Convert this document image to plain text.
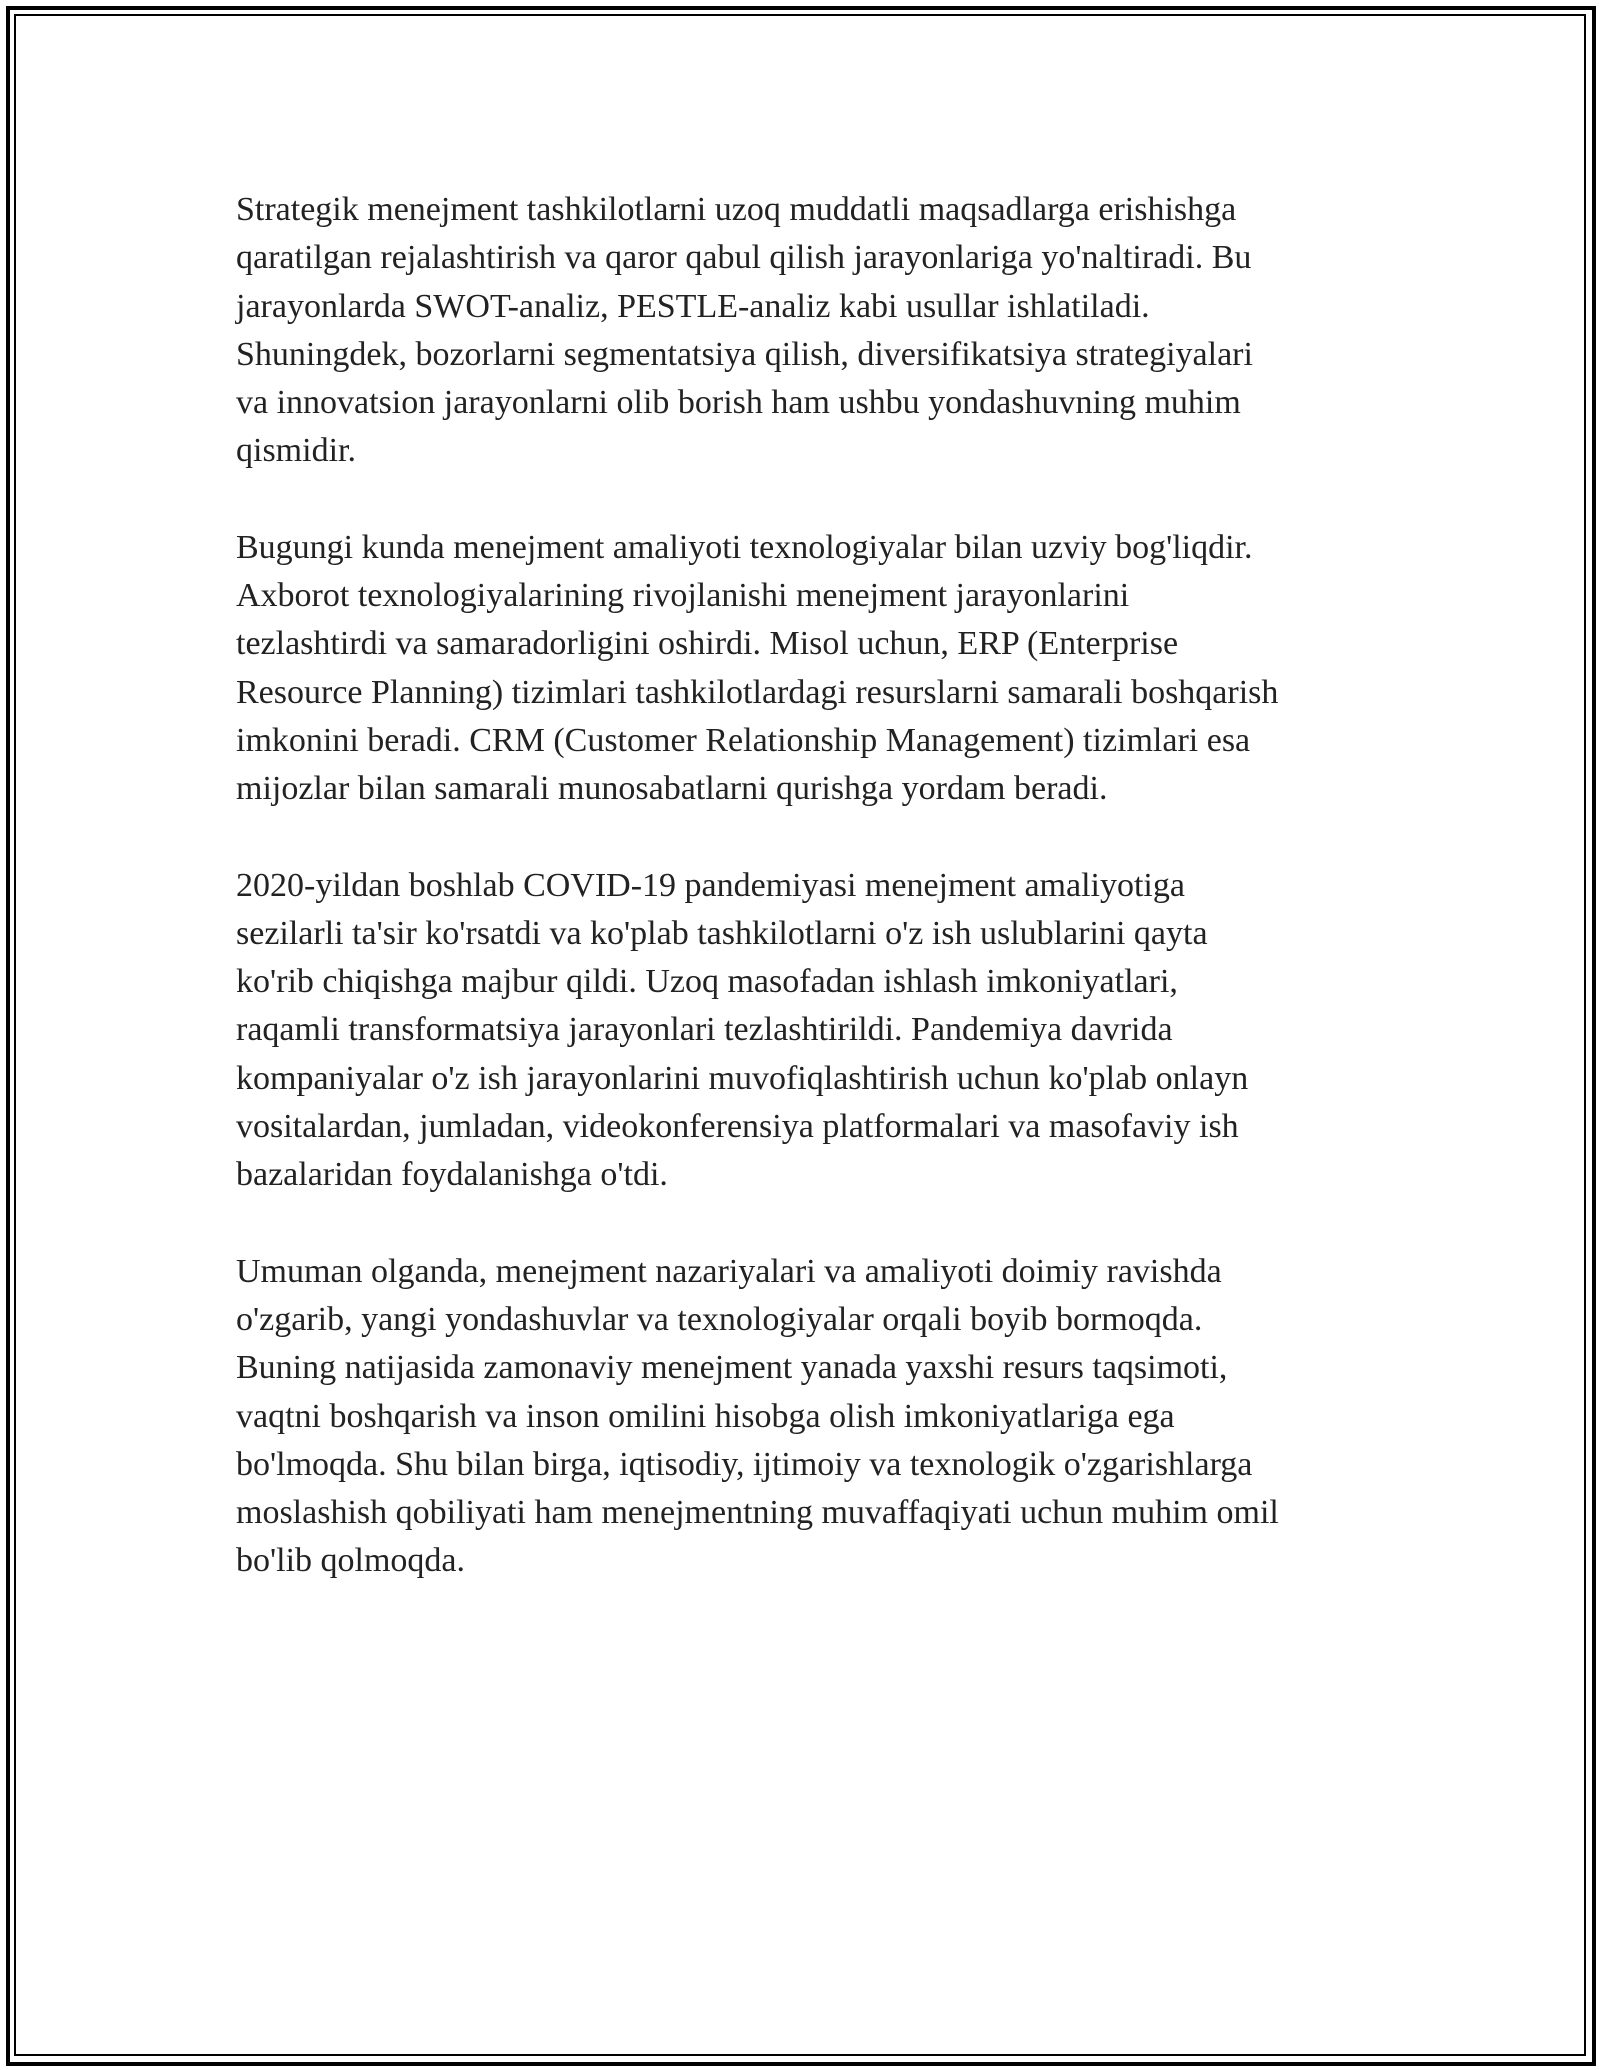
Strategik menejment tashkilotlarni uzoq muddatli maqsadlarga erishishga
qaratilgan rejalashtirish va qaror qabul qilish jarayonlariga yo'naltiradi. Bu
jarayonlarda SWOT-analiz, PESTLE-analiz kabi usullar ishlatiladi.
Shuningdek, bozorlarni segmentatsiya qilish, diversifikatsiya strategiyalari
va innovatsion jarayonlarni olib borish ham ushbu yondashuvning muhim
qismidir.

Bugungi kunda menejment amaliyoti texnologiyalar bilan uzviy bog'liqdir.
Axborot texnologiyalarining rivojlanishi menejment jarayonlarini
tezlashtirdi va samaradorligini oshirdi. Misol uchun, ERP (Enterprise
Resource Planning) tizimlari tashkilotlardagi resurslarni samarali boshqarish
imkonini beradi. CRM (Customer Relationship Management) tizimlari esa
mijozlar bilan samarali munosabatlarni qurishga yordam beradi.

2020-yildan boshlab COVID-19 pandemiyasi menejment amaliyotiga
sezilarli ta'sir ko'rsatdi va ko'plab tashkilotlarni o'z ish uslublarini qayta
ko'rib chiqishga majbur qildi. Uzoq masofadan ishlash imkoniyatlari,
raqamli transformatsiya jarayonlari tezlashtirildi. Pandemiya davrida
kompaniyalar o'z ish jarayonlarini muvofiqlashtirish uchun ko'plab onlayn
vositalardan, jumladan, videokonferensiya platformalari va masofaviy ish
bazalaridan foydalanishga o'tdi.

Umuman olganda, menejment nazariyalari va amaliyoti doimiy ravishda
o'zgarib, yangi yondashuvlar va texnologiyalar orqali boyib bormoqda.
Buning natijasida zamonaviy menejment yanada yaxshi resurs taqsimoti,
vaqtni boshqarish va inson omilini hisobga olish imkoniyatlariga ega
bo'lmoqda. Shu bilan birga, iqtisodiy, ijtimoiy va texnologik o'zgarishlarga
moslashish qobiliyati ham menejmentning muvaffaqiyati uchun muhim omil
bo'lib qolmoqda.
